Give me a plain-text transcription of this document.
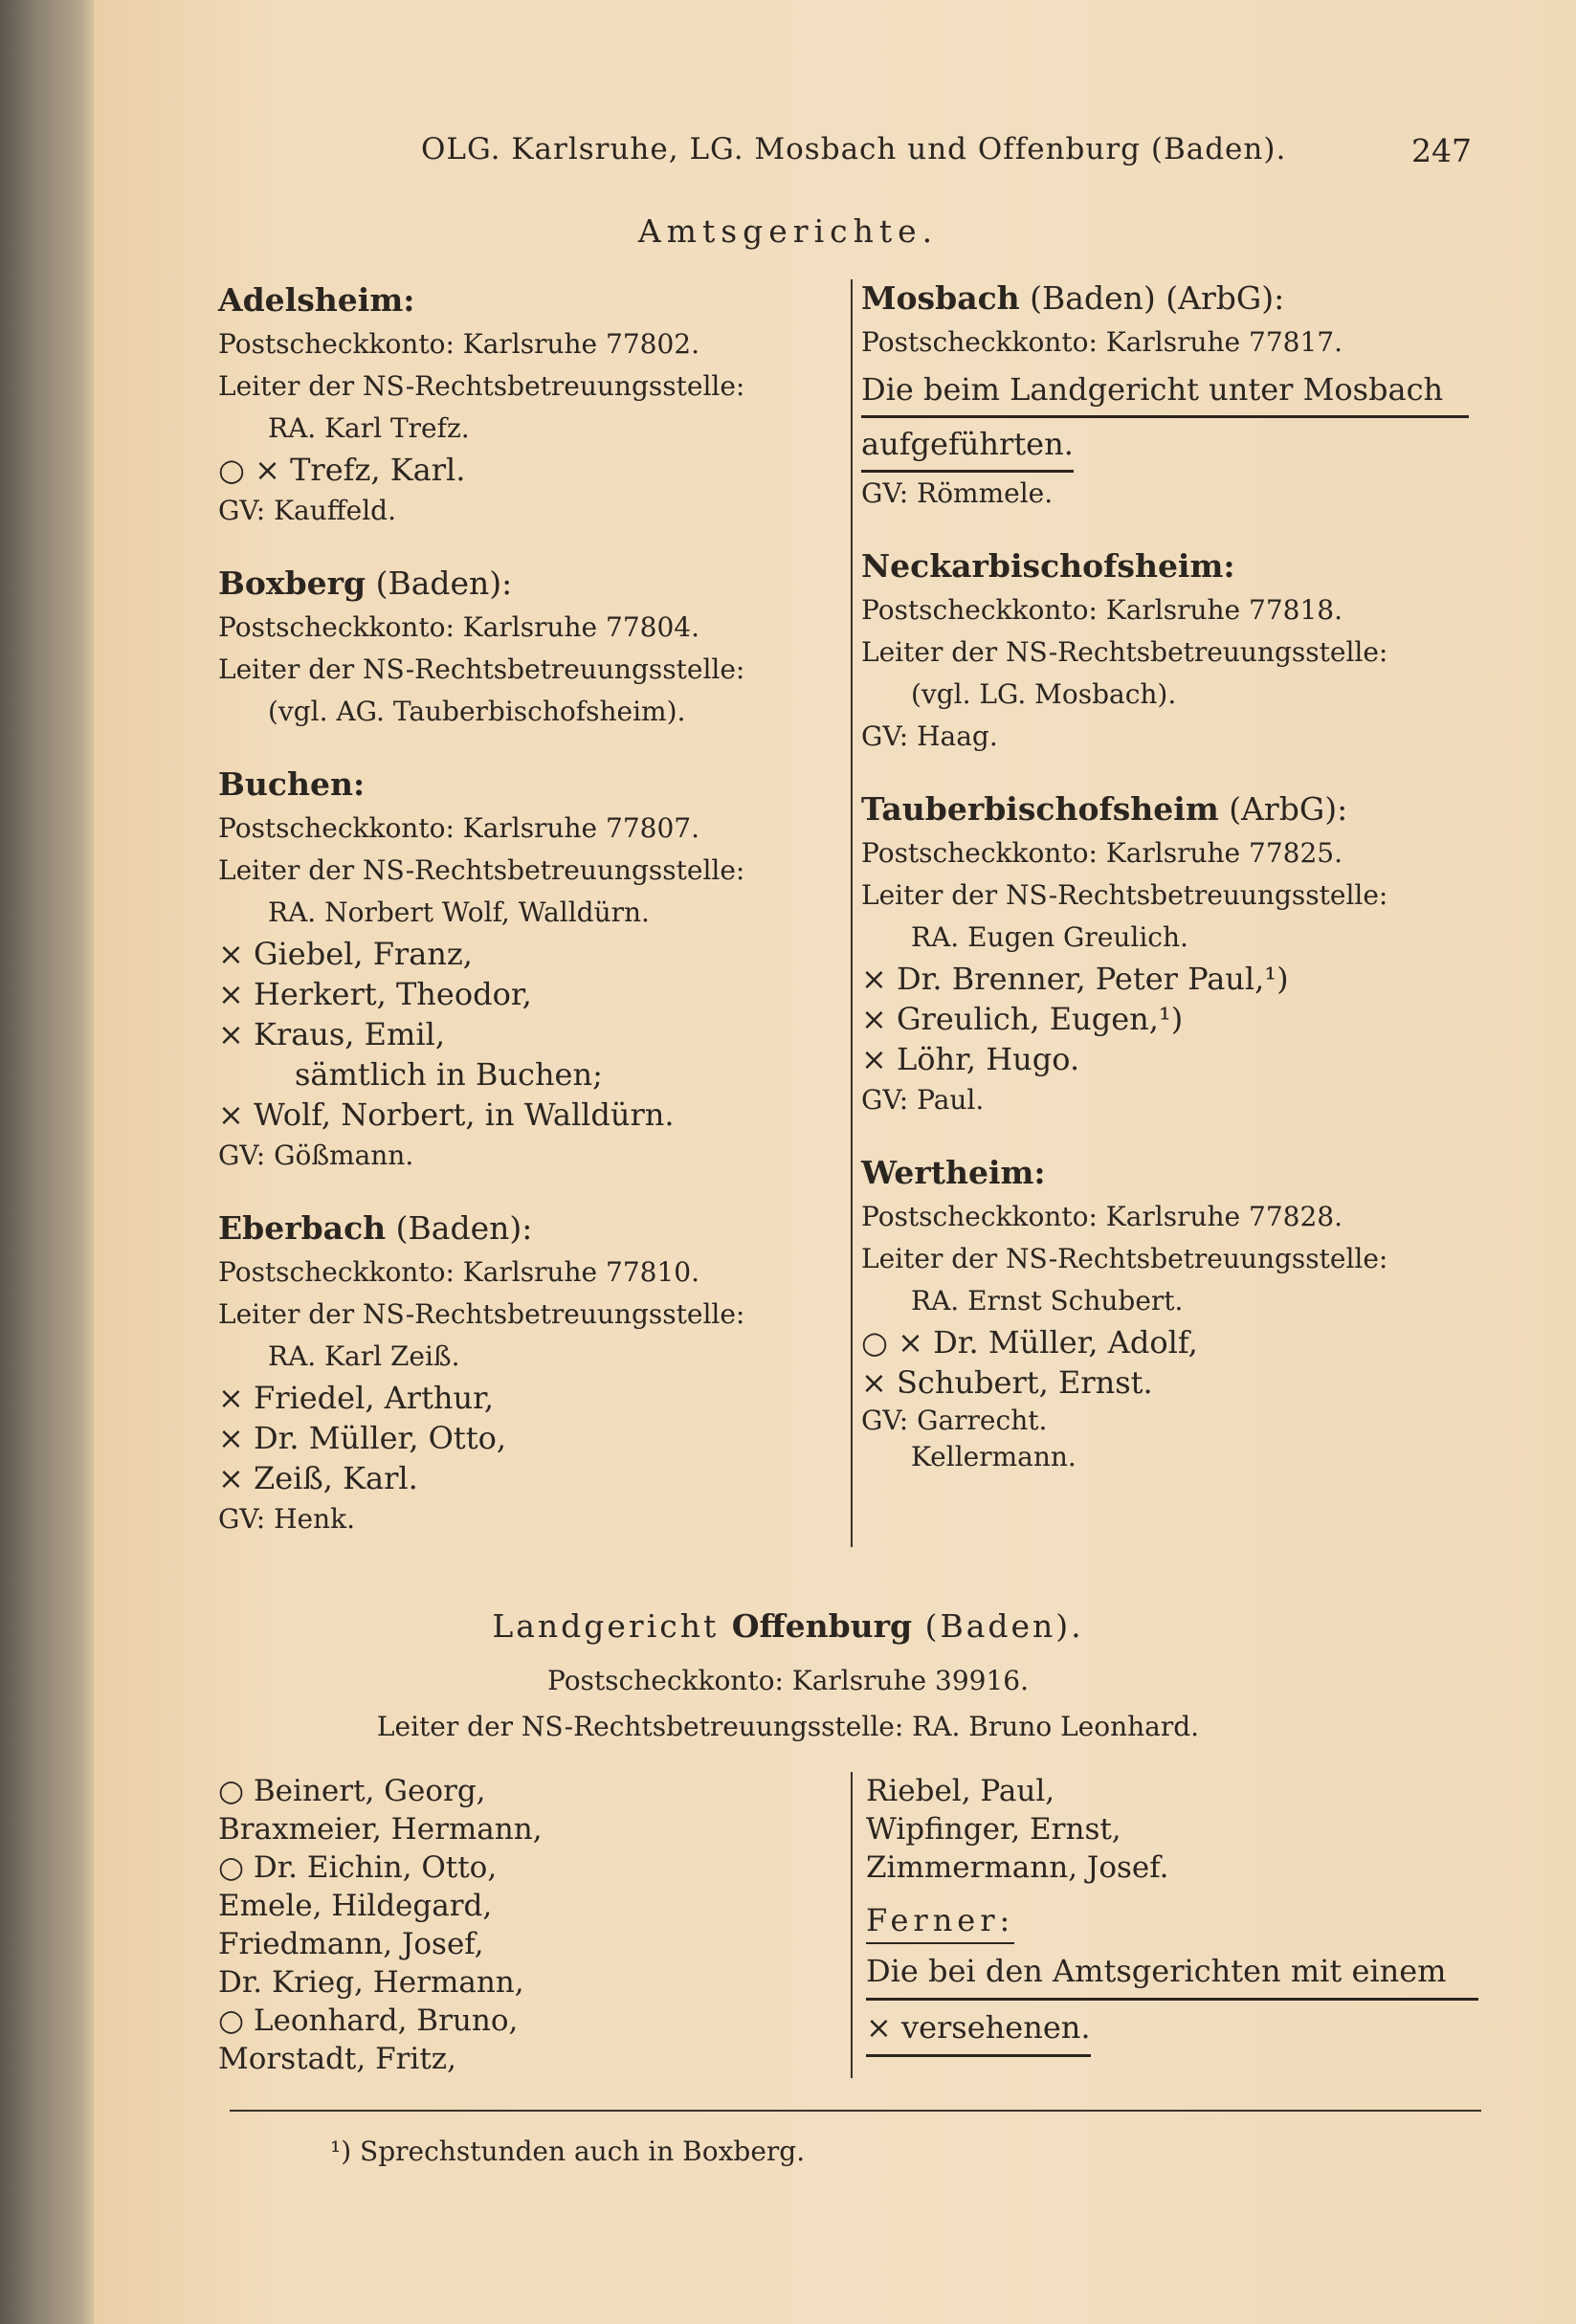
OLG. Karlsruhe, LG. Mosbach und Offenburg (Baden).	247
Amtsgerichte.
Adelsheim:
Postscheckkonto: Karlsruhe 77802.
Leiter der NS-Rechtsbetreuungsstelle:
RA. Karl Trefz.
○ × Trefz, Karl.
GV: Kauffeld.
Boxberg (Baden):
Postscheckkonto: Karlsruhe 77804.
Leiter der NS-Rechtsbetreuungsstelle:
(vgl. AG. Tauberbischofsheim).
Buchen:
Postscheckkonto: Karlsruhe 77807.
Leiter der NS-Rechtsbetreuungsstelle:
RA. Norbert Wolf, Walldürn.
× Giebel, Franz,
× Herkert, Theodor,
× Kraus, Emil,
sämtlich in Buchen;
× Wolf, Norbert, in Walldürn.
GV: Gößmann.
Eberbach (Baden):
Postscheckkonto: Karlsruhe 77810.
Leiter der NS-Rechtsbetreuungsstelle:
RA. Karl Zeiß.
× Friedel, Arthur,
× Dr. Müller, Otto,
× Zeiß, Karl.
GV: Henk.
Mosbach (Baden) (ArbG):
Postscheckkonto: Karlsruhe 77817.
Die beim Landgericht unter Mosbach
aufgeführten.
GV: Römmele.
Neckarbischofsheim:
Postscheckkonto: Karlsruhe 77818.
Leiter der NS-Rechtsbetreuungsstelle:
(vgl. LG. Mosbach).
GV: Haag.
Tauberbischofsheim (ArbG):
Postscheckkonto: Karlsruhe 77825.
Leiter der NS-Rechtsbetreuungsstelle:
RA. Eugen Greulich.
× Dr. Brenner, Peter Paul,¹)
× Greulich, Eugen,¹)
× Löhr, Hugo.
GV: Paul.
Wertheim:
Postscheckkonto: Karlsruhe 77828.
Leiter der NS-Rechtsbetreuungsstelle:
RA. Ernst Schubert.
○ × Dr. Müller, Adolf,
× Schubert, Ernst.
GV: Garrecht.
Kellermann.
Landgericht Offenburg (Baden).
Postscheckkonto: Karlsruhe 39916.
Leiter der NS-Rechtsbetreuungsstelle: RA. Bruno Leonhard.
○ Beinert, Georg,
Braxmeier, Hermann,
○ Dr. Eichin, Otto,
Emele, Hildegard,
Friedmann, Josef,
Dr. Krieg, Hermann,
○ Leonhard, Bruno,
Morstadt, Fritz,
Riebel, Paul,
Wipfinger, Ernst,
Zimmermann, Josef.
Ferner:
Die bei den Amtsgerichten mit einem
× versehenen.
¹) Sprechstunden auch in Boxberg.
